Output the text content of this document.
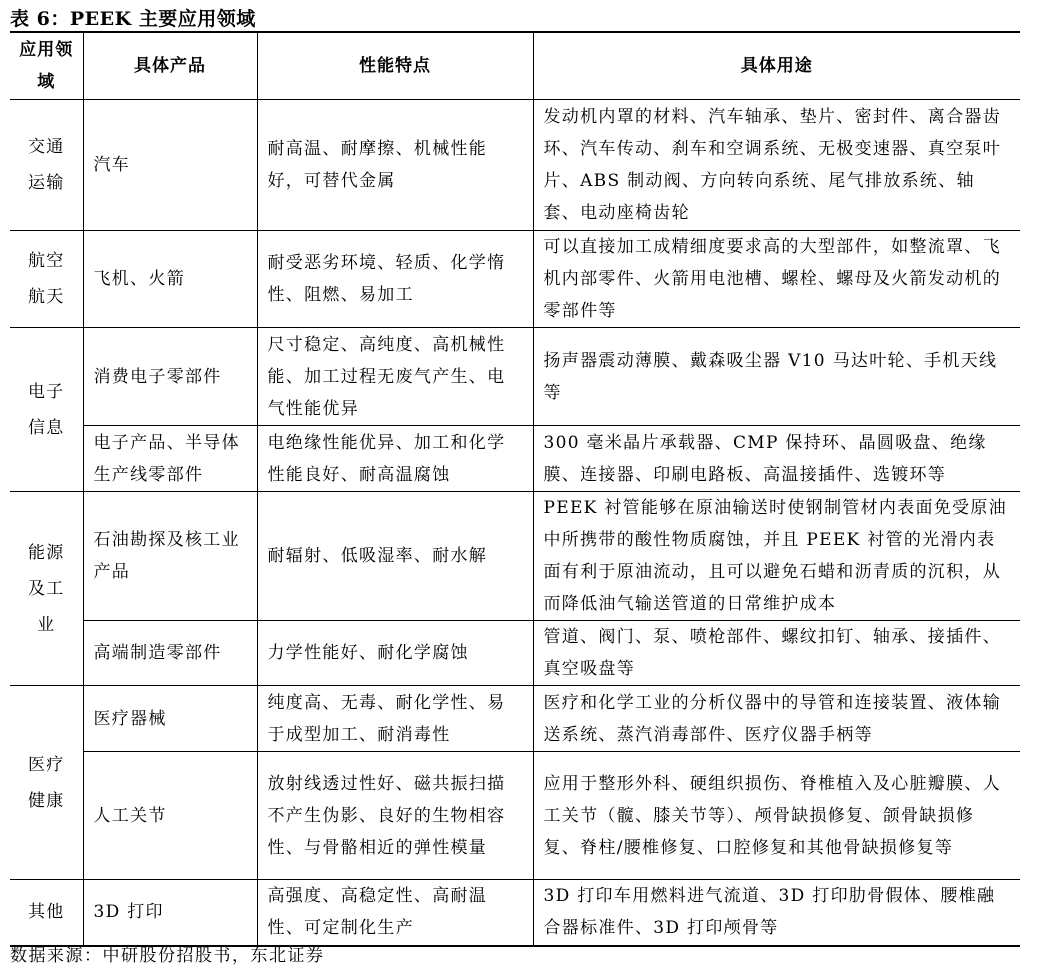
表 6：PEEK 主要应用领域
应用领域	具体产品	性能特点	具体用途
交通运输	汽车	耐高温、耐摩擦、机械性能好，可替代金属	发动机内罩的材料、汽车轴承、垫片、密封件、离合器齿环、汽车传动、刹车和空调系统、无极变速器、真空泵叶片、ABS 制动阀、方向转向系统、尾气排放系统、轴套、电动座椅齿轮
航空航天	飞机、火箭	耐受恶劣环境、轻质、化学惰性、阻燃、易加工	可以直接加工成精细度要求高的大型部件，如整流罩、飞机内部零件、火箭用电池槽、螺栓、螺母及火箭发动机的零部件等
电子信息	消费电子零部件	尺寸稳定、高纯度、高机械性能、加工过程无废气产生、电气性能优异	扬声器震动薄膜、戴森吸尘器 V10 马达叶轮、手机天线等
	电子产品、半导体生产线零部件	电绝缘性能优异、加工和化学性能良好、耐高温腐蚀	300 毫米晶片承载器、CMP 保持环、晶圆吸盘、绝缘膜、连接器、印刷电路板、高温接插件、选镀环等
能源及工业	石油勘探及核工业产品	耐辐射、低吸湿率、耐水解	PEEK 衬管能够在原油输送时使钢制管材内表面免受原油中所携带的酸性物质腐蚀，并且 PEEK 衬管的光滑内表面有利于原油流动，且可以避免石蜡和沥青质的沉积，从而降低油气输送管道的日常维护成本
	高端制造零部件	力学性能好、耐化学腐蚀	管道、阀门、泵、喷枪部件、螺纹扣钉、轴承、接插件、真空吸盘等
医疗健康	医疗器械	纯度高、无毒、耐化学性、易于成型加工、耐消毒性	医疗和化学工业的分析仪器中的导管和连接装置、液体输送系统、蒸汽消毒部件、医疗仪器手柄等
	人工关节	放射线透过性好、磁共振扫描不产生伪影、良好的生物相容性、与骨骼相近的弹性模量	应用于整形外科、硬组织损伤、脊椎植入及心脏瓣膜、人工关节（髋、膝关节等）、颅骨缺损修复、颌骨缺损修复、脊柱/腰椎修复、口腔修复和其他骨缺损修复等
其他	3D 打印	高强度、高稳定性、高耐温性、可定制化生产	3D 打印车用燃料进气流道、3D 打印肋骨假体、腰椎融合器标准件、3D 打印颅骨等
数据来源：中研股份招股书，东北证券
